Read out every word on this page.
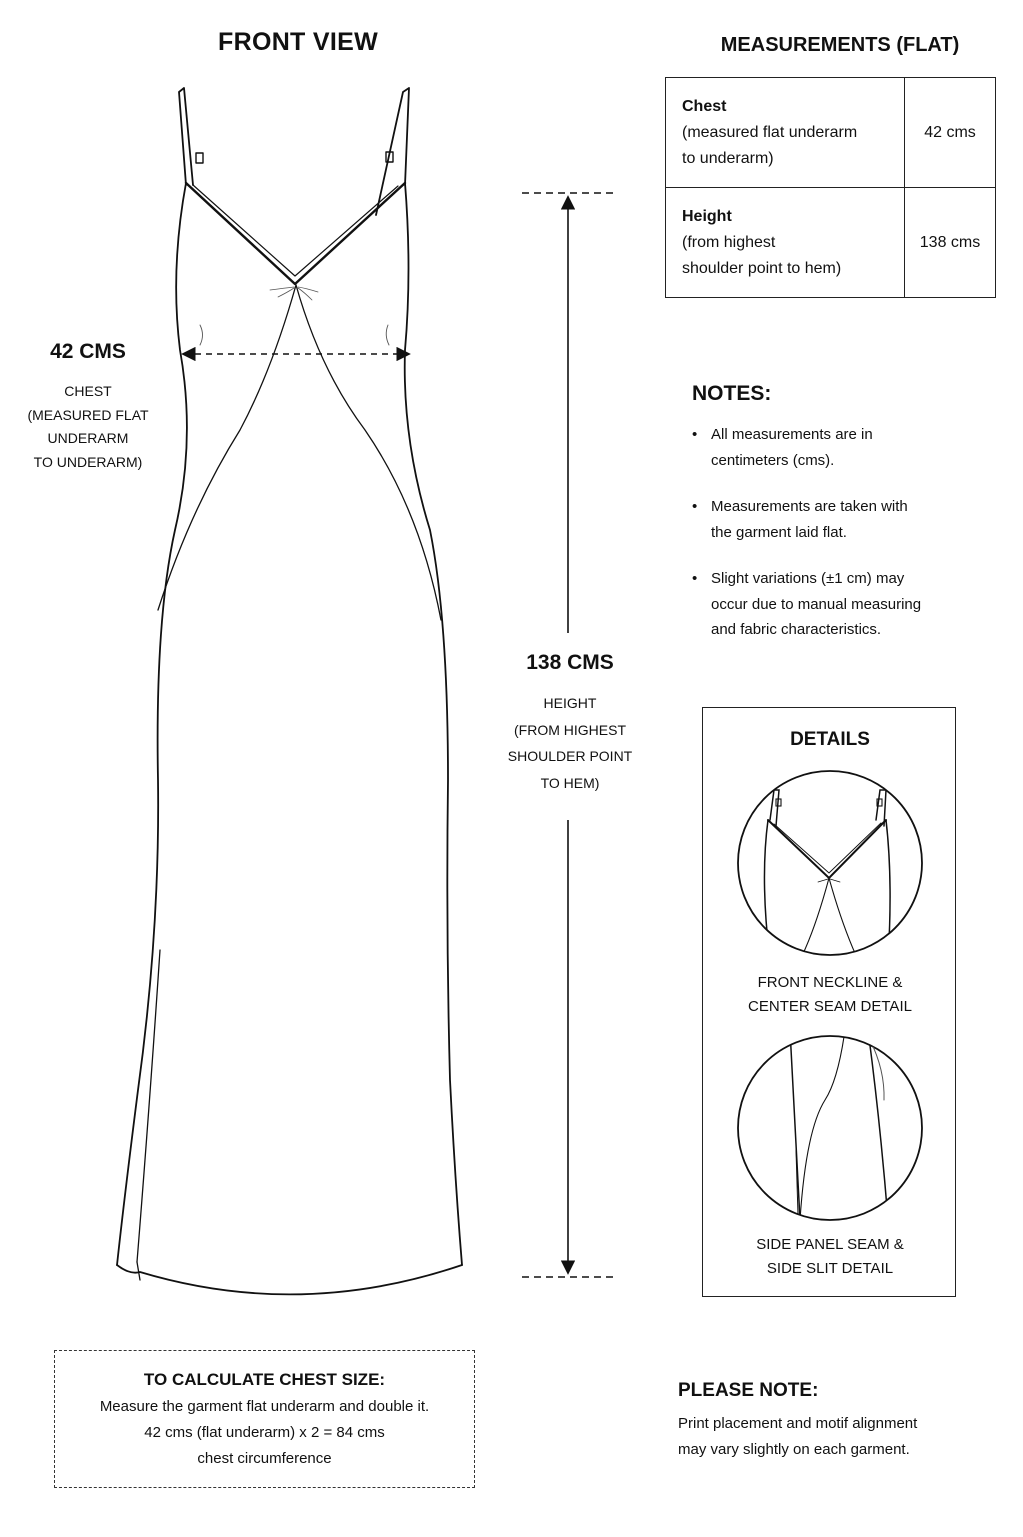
FRONT VIEW	MEASUREMENTS (FLAT)
Chest
(measured flat underarm
to underarm)	42 cms

Height
(from highest
shoulder point to hem)	138 cms
42 CMS
CHEST
(MEASURED FLAT
UNDERARM
TO UNDERARM)
138 CMS
HEIGHT
(FROM HIGHEST
SHOULDER POINT
TO HEM)
NOTES:
• All measurements are in
centimeters (cms).
• Measurements are taken with
the garment laid flat.
• Slight variations (±1 cm) may
occur due to manual measuring
and fabric characteristics.
DETAILS
FRONT NECKLINE &
CENTER SEAM DETAIL
SIDE PANEL SEAM &
SIDE SLIT DETAIL
TO CALCULATE CHEST SIZE:
Measure the garment flat underarm and double it.
42 cms (flat underarm) x 2 = 84 cms
chest circumference
PLEASE NOTE:
Print placement and motif alignment
may vary slightly on each garment.
